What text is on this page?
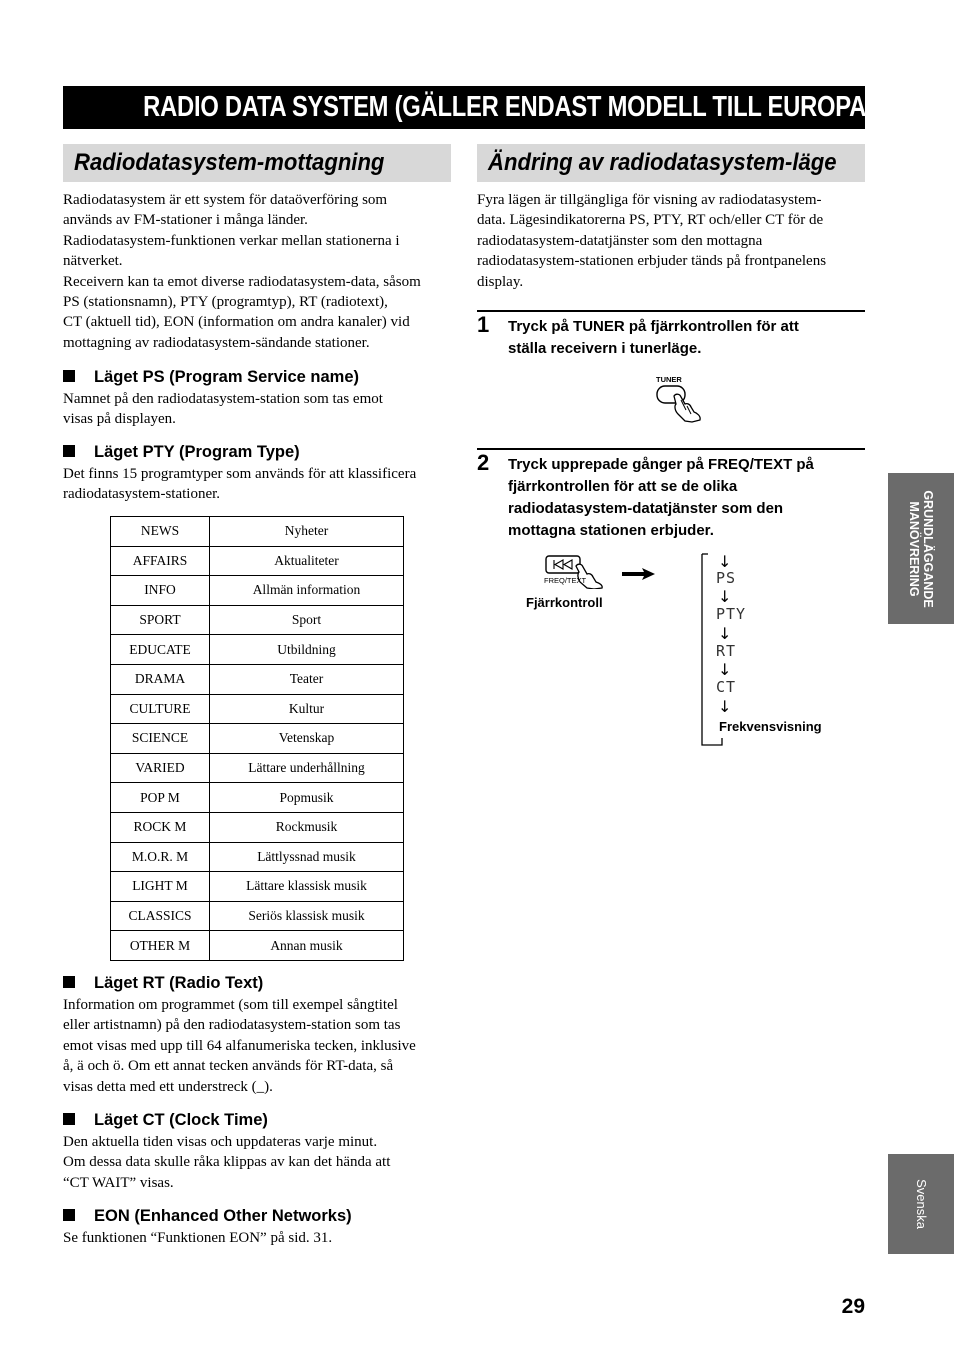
RADIO DATA SYSTEM (GÄLLER ENDAST MODELL TILL EUROPA)
Radiodatasystem-mottagning	Ändring av radiodatasystem-läge
Radiodatasystem är ett system för dataöverföring som
används av FM-stationer i många länder.
Radiodatasystem-funktionen verkar mellan stationerna i
nätverket.
Receivern kan ta emot diverse radiodatasystem-data, såsom
PS (stationsnamn), PTY (programtyp), RT (radiotext),
CT (aktuell tid), EON (information om andra kanaler) vid
mottagning av radiodatasystem-sändande stationer.
Läget PS (Program Service name)
Namnet på den radiodatasystem-station som tas emot
visas på displayen.
Läget PTY (Program Type)
Det finns 15 programtyper som används för att klassificera
radiodatasystem-stationer.
NEWS	Nyheter
AFFAIRS	Aktualiteter
INFO	Allmän information
SPORT	Sport
EDUCATE	Utbildning
DRAMA	Teater
CULTURE	Kultur
SCIENCE	Vetenskap
VARIED	Lättare underhållning
POP M	Popmusik
ROCK M	Rockmusik
M.O.R. M	Lättlyssnad musik
LIGHT M	Lättare klassisk musik
CLASSICS	Seriös klassisk musik
OTHER M	Annan musik
Läget RT (Radio Text)
Information om programmet (som till exempel sångtitel
eller artistnamn) på den radiodatasystem-station som tas
emot visas med upp till 64 alfanumeriska tecken, inklusive
å, ä och ö. Om ett annat tecken används för RT-data, så
visas detta med ett understreck (_).
Läget CT (Clock Time)
Den aktuella tiden visas och uppdateras varje minut.
Om dessa data skulle råka klippas av kan det hända att
“CT WAIT” visas.
EON (Enhanced Other Networks)
Se funktionen “Funktionen EON” på sid. 31.
Fyra lägen är tillgängliga för visning av radiodatasystem-
data. Lägesindikatorerna PS, PTY, RT och/eller CT för de
radiodatasystem-datatjänster som den mottagna
radiodatasystem-stationen erbjuder tänds på frontpanelens
display.
1 Tryck på TUNER på fjärrkontrollen för att
ställa receivern i tunerläge.
TUNER
2 Tryck upprepade gånger på FREQ/TEXT på
fjärrkontrollen för att se de olika
radiodatasystem-datatjänster som den
mottagna stationen erbjuder.
FREQ/TEXT
Fjärrkontroll
↓
PS
↓
PTY
↓
RT
↓
CT
↓
Frekvensvisning
GRUNDLÄGGANDE
MANÖVRERING
Svenska
29
